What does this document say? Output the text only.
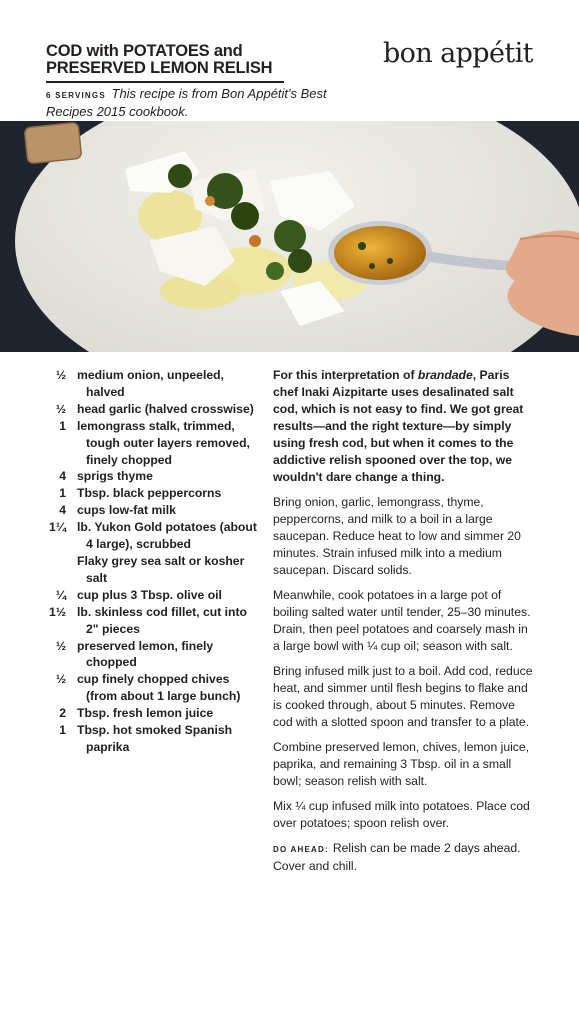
COD with POTATOES and
PRESERVED LEMON RELISH	bon appétit
6 SERVINGS This recipe is from Bon Appétit's Best Recipes 2015 cookbook.
½ medium onion, unpeeled, halved
½ head garlic (halved crosswise)
1 lemongrass stalk, trimmed, tough outer layers removed, finely chopped
4 sprigs thyme
1 Tbsp. black peppercorns
4 cups low-fat milk
1¼ lb. Yukon Gold potatoes (about 4 large), scrubbed
Flaky grey sea salt or kosher salt
¼ cup plus 3 Tbsp. olive oil
1½ lb. skinless cod fillet, cut into 2" pieces
½ preserved lemon, finely chopped
½ cup finely chopped chives (from about 1 large bunch)
2 Tbsp. fresh lemon juice
1 Tbsp. hot smoked Spanish paprika

For this interpretation of brandade, Paris chef Inaki Aizpitarte uses desalinated salt cod, which is not easy to find. We got great results—and the right texture—by simply using fresh cod, but when it comes to the addictive relish spooned over the top, we wouldn't dare change a thing.

Bring onion, garlic, lemongrass, thyme, peppercorns, and milk to a boil in a large saucepan. Reduce heat to low and simmer 20 minutes. Strain infused milk into a medium saucepan. Discard solids.

Meanwhile, cook potatoes in a large pot of boiling salted water until tender, 25–30 minutes. Drain, then peel potatoes and coarsely mash in a large bowl with ¼ cup oil; season with salt.

Bring infused milk just to a boil. Add cod, reduce heat, and simmer until flesh begins to flake and is cooked through, about 5 minutes. Remove cod with a slotted spoon and transfer to a plate.

Combine preserved lemon, chives, lemon juice, paprika, and remaining 3 Tbsp. oil in a small bowl; season relish with salt.

Mix ¼ cup infused milk into potatoes. Place cod over potatoes; spoon relish over.

DO AHEAD: Relish can be made 2 days ahead. Cover and chill.
